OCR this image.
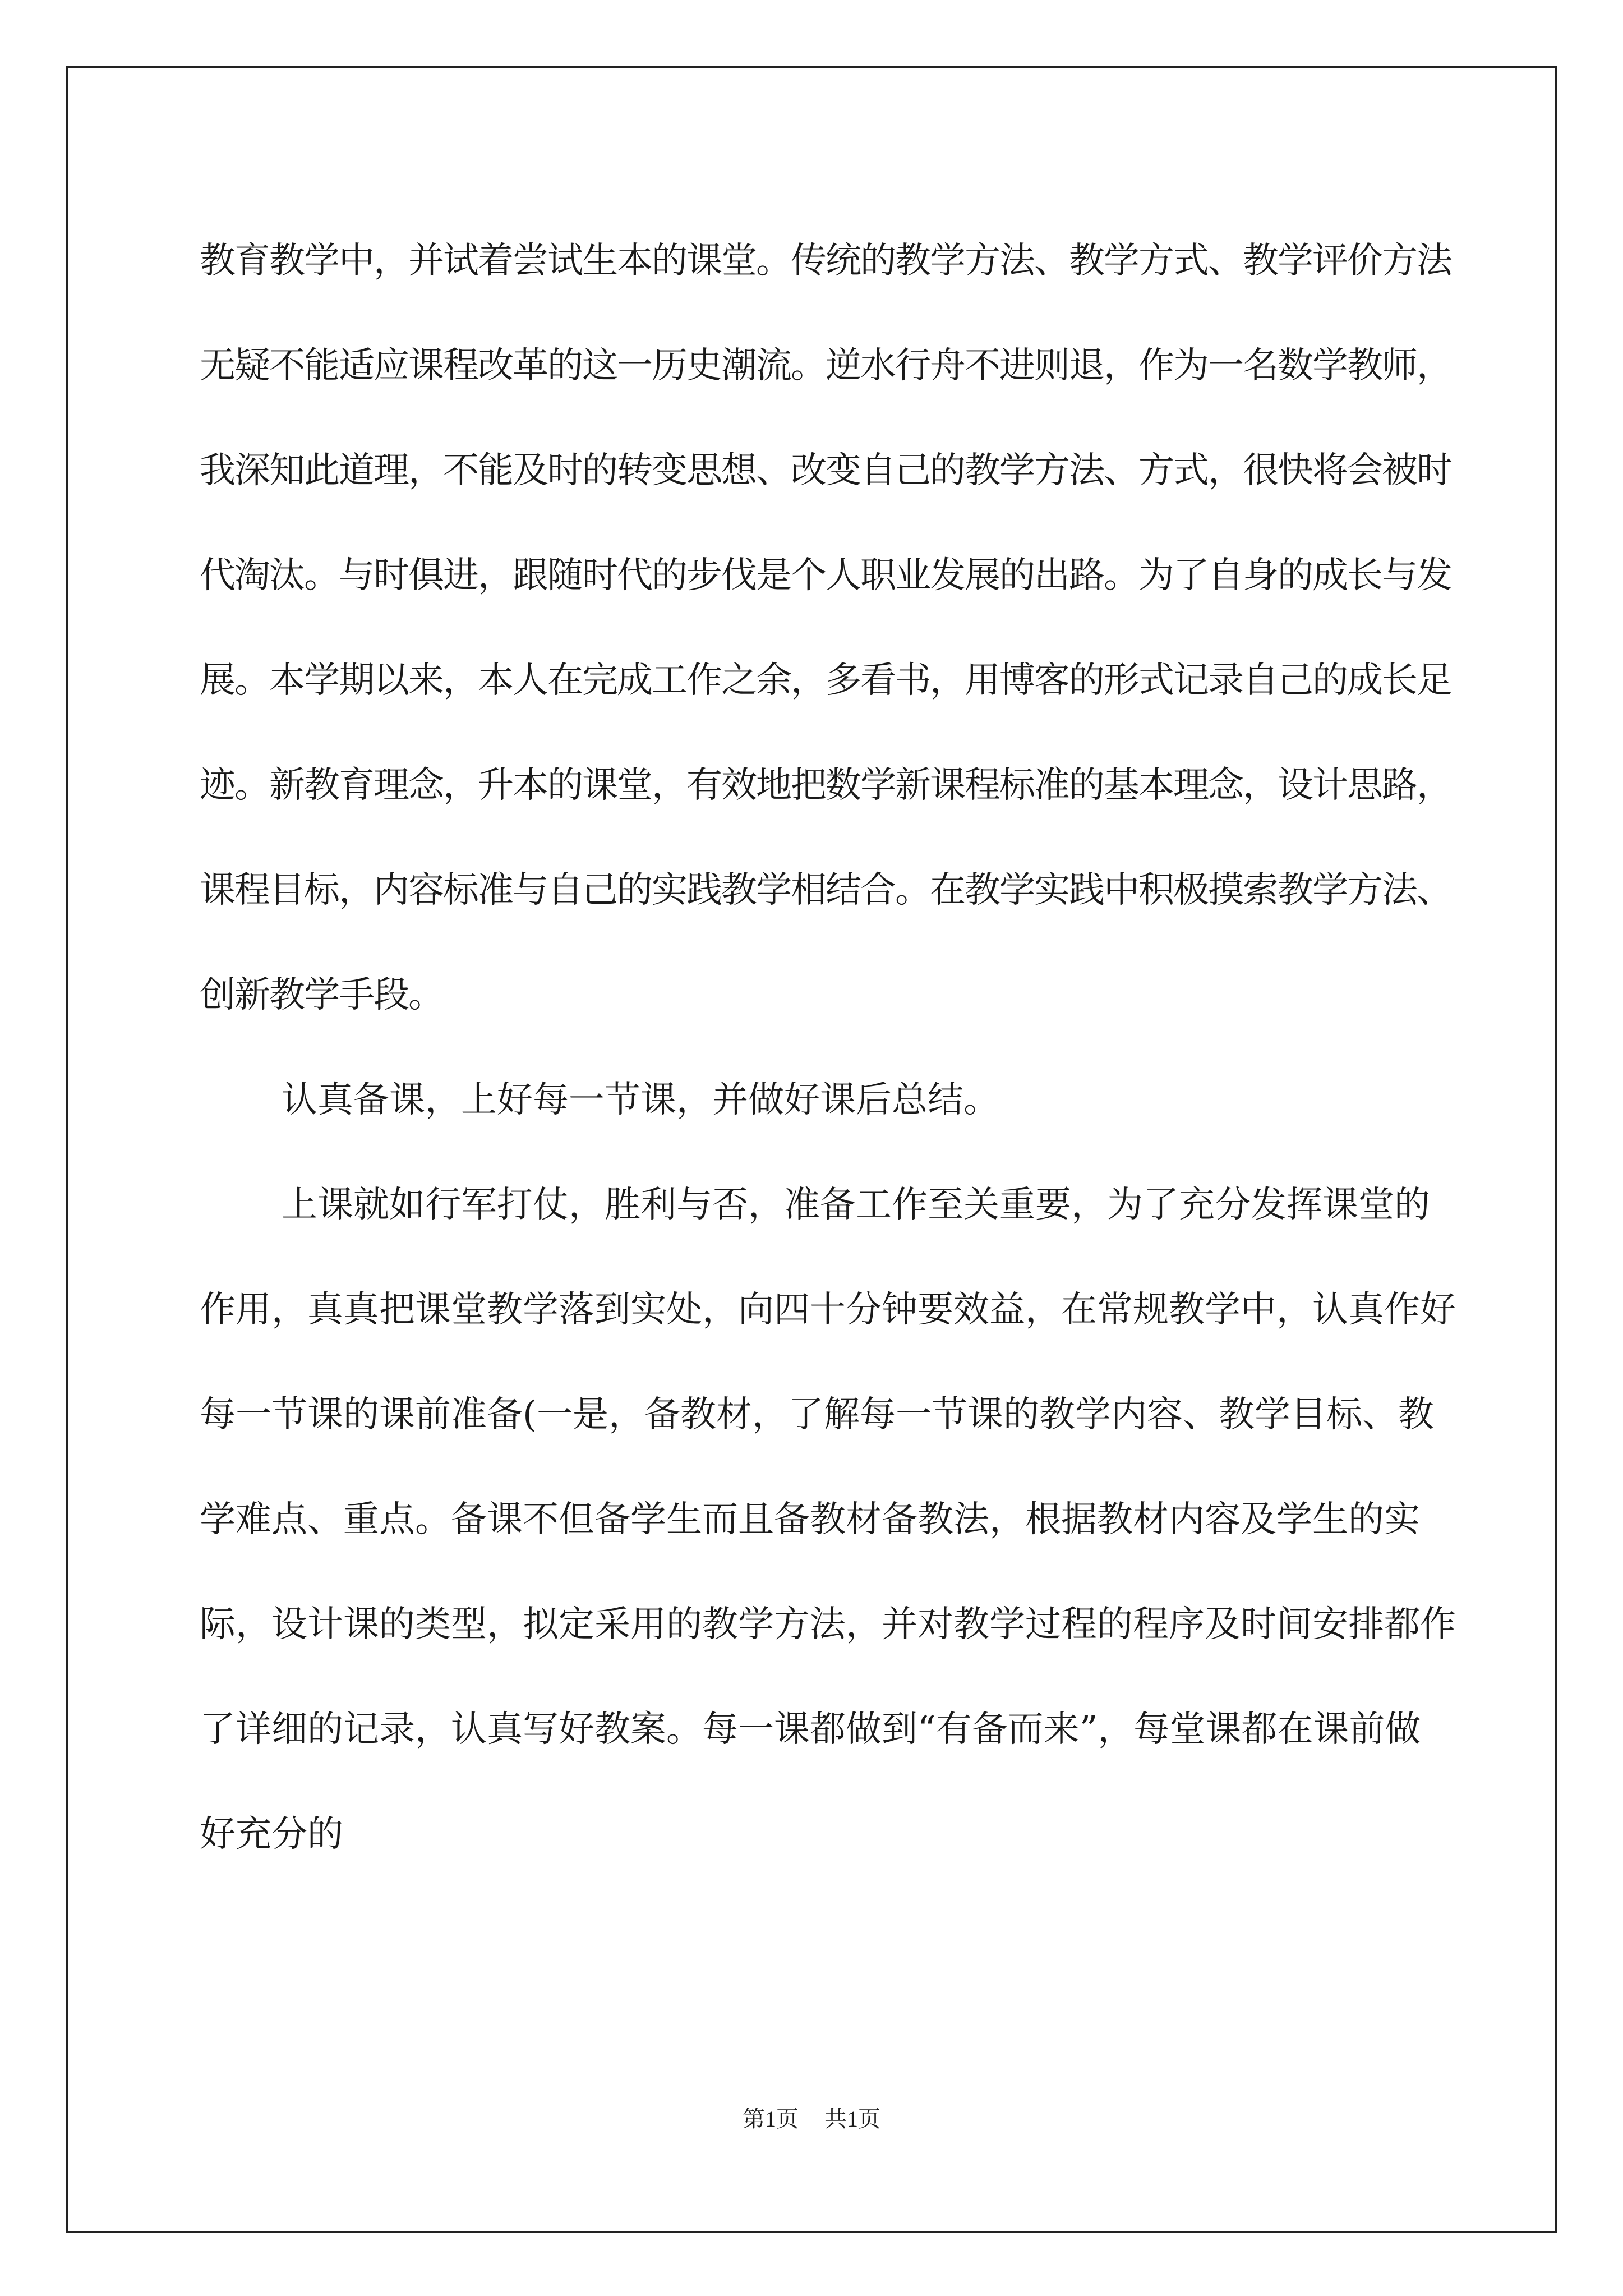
教育教学中，并试着尝试生本的课堂。传统的教学方法、教学方式、教学评价方法无疑不能适应课程改革的这一历史潮流。逆水行舟不进则退，作为一名数学教师，我深知此道理，不能及时的转变思想、改变自己的教学方法、方式，很快将会被时代淘汰。与时俱进，跟随时代的步伐是个人职业发展的出路。为了自身的成长与发展。本学期以来，本人在完成工作之余，多看书，用博客的形式记录自己的成长足迹。新教育理念，升本的课堂，有效地把数学新课程标准的基本理念，设计思路，课程目标，内容标准与自己的实践教学相结合。在教学实践中积极摸索教学方法、创新教学手段。

认真备课，上好每一节课，并做好课后总结。

上课就如行军打仗，胜利与否，准备工作至关重要，为了充分发挥课堂的作用，真真把课堂教学落到实处，向四十分钟要效益，在常规教学中，认真作好每一节课的课前准备(一是，备教材，了解每一节课的教学内容、教学目标、教学难点、重点。备课不但备学生而且备教材备教法，根据教材内容及学生的实际，设计课的类型，拟定采用的教学方法，并对教学过程的程序及时间安排都作了详细的记录，认真写好教案。每一课都做到“有备而来”，每堂课都在课前做好充分的

第1页 共1页
